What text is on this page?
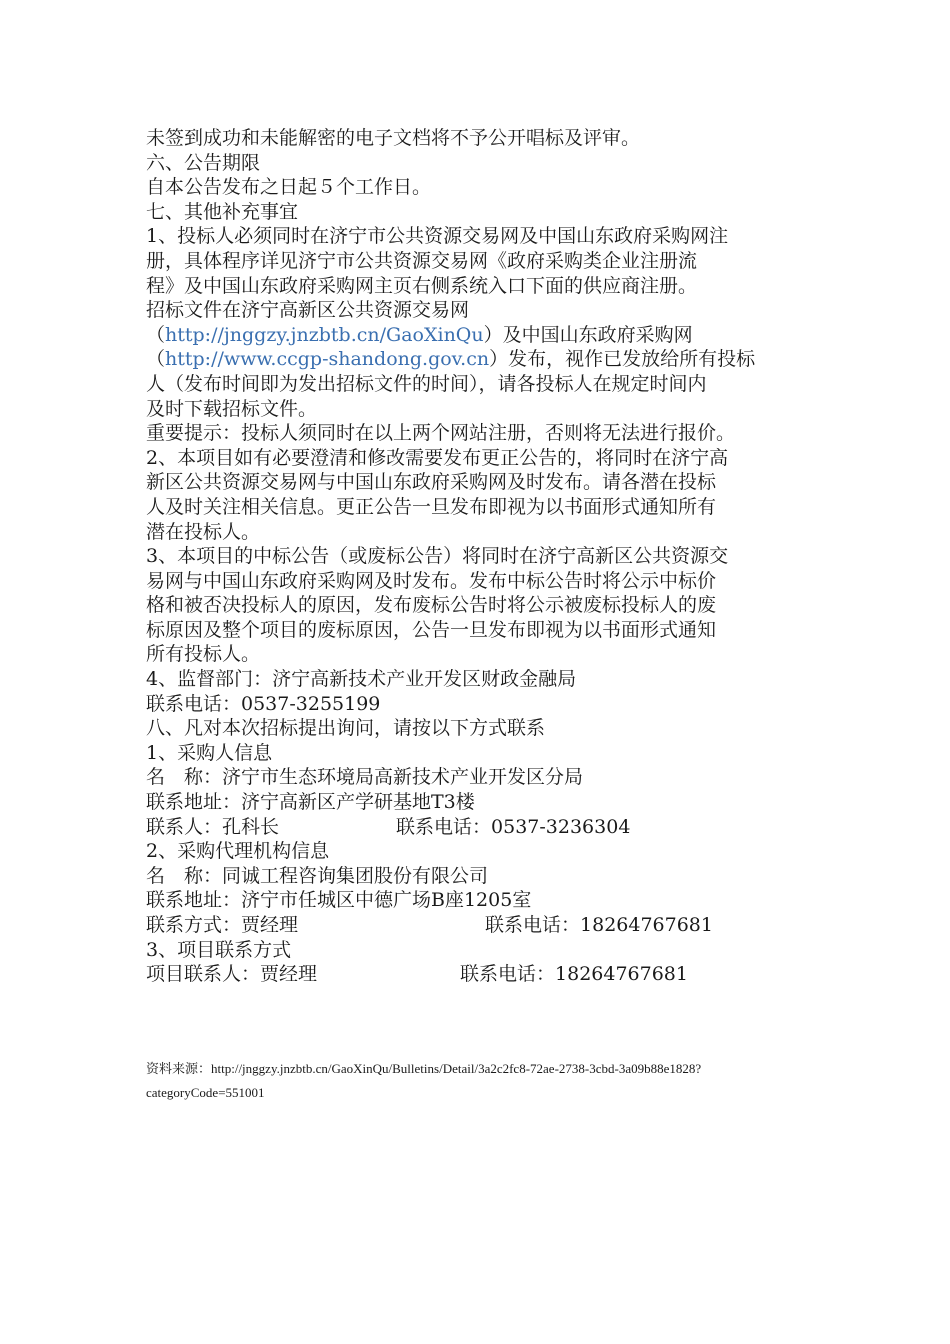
未签到成功和未能解密的电子文档将不予公开唱标及评审。
六、公告期限
自本公告发布之日起５个工作日。
七、其他补充事宜
1、投标人必须同时在济宁市公共资源交易网及中国山东政府采购网注
册，具体程序详见济宁市公共资源交易网《政府采购类企业注册流
程》及中国山东政府采购网主页右侧系统入口下面的供应商注册。
招标文件在济宁高新区公共资源交易网
（http://jnggzy.jnzbtb.cn/GaoXinQu）及中国山东政府采购网
（http://www.ccgp-shandong.gov.cn）发布，视作已发放给所有投标
人（发布时间即为发出招标文件的时间），请各投标人在规定时间内
及时下载招标文件。
重要提示：投标人须同时在以上两个网站注册，否则将无法进行报价。
2、本项目如有必要澄清和修改需要发布更正公告的，将同时在济宁高
新区公共资源交易网与中国山东政府采购网及时发布。请各潜在投标
人及时关注相关信息。更正公告一旦发布即视为以书面形式通知所有
潜在投标人。
3、本项目的中标公告（或废标公告）将同时在济宁高新区公共资源交
易网与中国山东政府采购网及时发布。发布中标公告时将公示中标价
格和被否决投标人的原因，发布废标公告时将公示被废标投标人的废
标原因及整个项目的废标原因，公告一旦发布即视为以书面形式通知
所有投标人。
4、监督部门：济宁高新技术产业开发区财政金融局
联系电话：0537-3255199
八、凡对本次招标提出询问，请按以下方式联系
1、采购人信息
名　称：济宁市生态环境局高新技术产业开发区分局
联系地址：济宁高新区产学研基地T3楼
联系人：孔科长	联系电话：0537-3236304
2、采购代理机构信息
名　称：同诚工程咨询集团股份有限公司
联系地址：济宁市任城区中德广场B座1205室
联系方式：贾经理	联系电话：18264767681
3、项目联系方式
项目联系人：贾经理	联系电话：18264767681
资料来源：http://jnggzy.jnzbtb.cn/GaoXinQu/Bulletins/Detail/3a2c2fc8-72ae-2738-3cbd-3a09b88e1828?
categoryCode=551001
